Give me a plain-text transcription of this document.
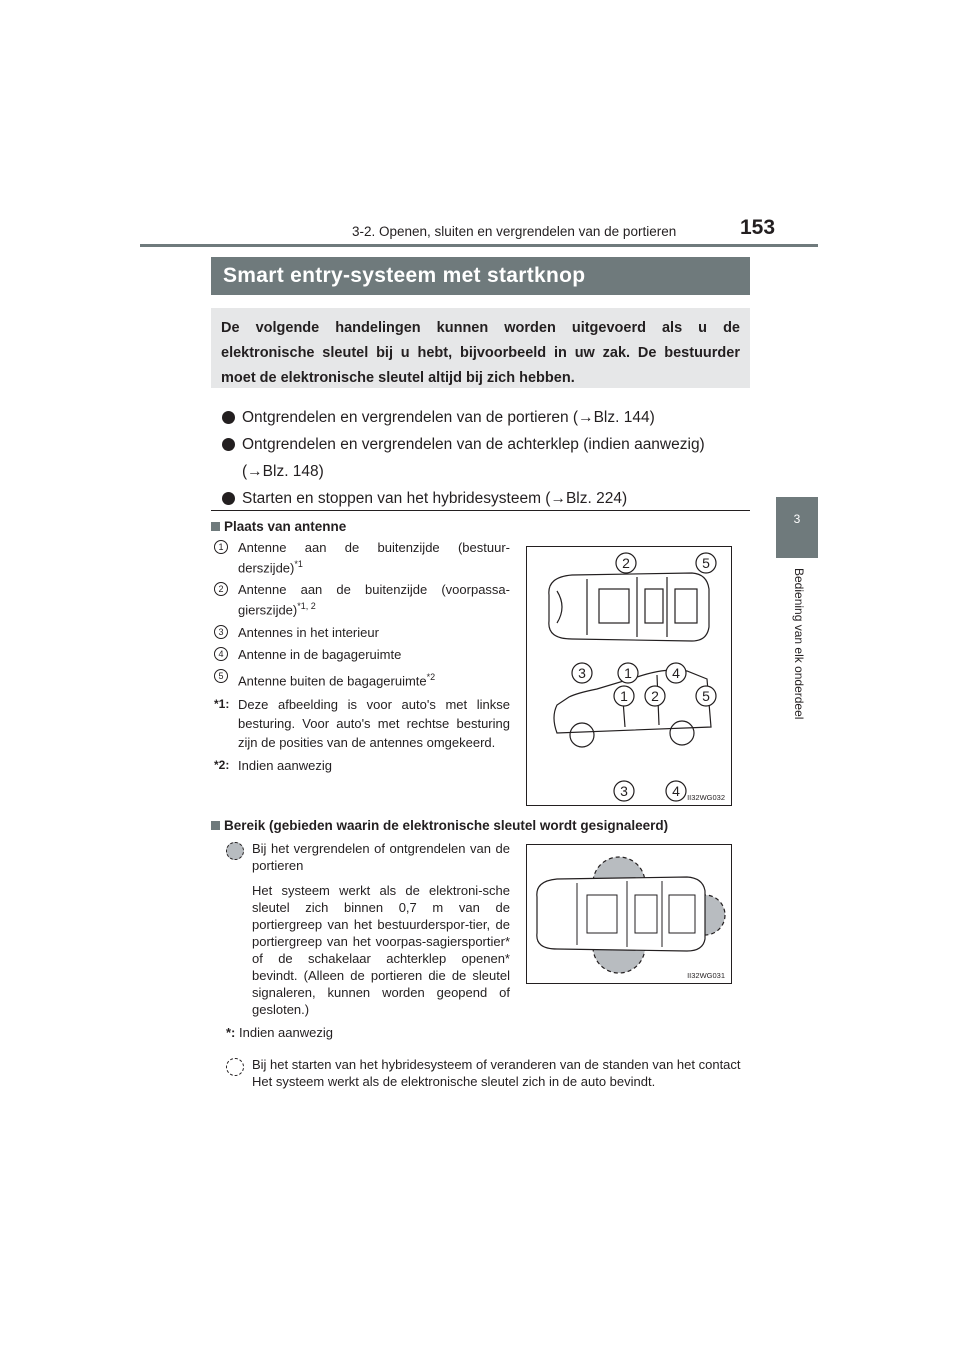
3-2. Openen, sluiten en vergrendelen van de portieren	153
3
Bediening van elk onderdeel
Smart entry-systeem met startknop
De volgende handelingen kunnen worden uitgevoerd als u de elektronische sleutel bij u hebt, bijvoorbeeld in uw zak. De bestuurder moet de elektronische sleutel altijd bij zich hebben.
Ontgrendelen en vergrendelen van de portieren (→Blz. 144)
Ontgrendelen en vergrendelen van de achterklep (indien aanwezig)
(→Blz. 148)
Starten en stoppen van het hybridesysteem (→Blz. 224)
Plaats van antenne
1	Antenne aan de buitenzijde (bestuur-derszijde)$^{*1}$
2	Antenne aan de buitenzijde (voorpassa-gierszijde)$^{*1, 2}$
3	Antennes in het interieur
4	Antenne in de bagageruimte
5	Antenne buiten de bagageruimte$^{*2}$
*1: Deze afbeelding is voor auto's met linkse besturing. Voor auto's met rechtse besturing zijn de posities van de antennes omgekeerd.
*2: Indien aanwezig
2	5
3	1	4
1 2	5
3	4 II32WG032
Bereik (gebieden waarin de elektronische sleutel wordt gesignaleerd)
Bij het vergrendelen of ontgrendelen van de portieren
Het systeem werkt als de elektroni-sche sleutel zich binnen 0,7 m van de portiergreep van het bestuurderspor-tier, de portiergreep van het voorpas-sagiersportier* of de schakelaar achterklep openen* bevindt. (Alleen de portieren die de sleutel signaleren, kunnen worden geopend of gesloten.)
*: Indien aanwezig
II32WG031
Bij het starten van het hybridesysteem of veranderen van de standen van het contact
Het systeem werkt als de elektronische sleutel zich in de auto bevindt.
